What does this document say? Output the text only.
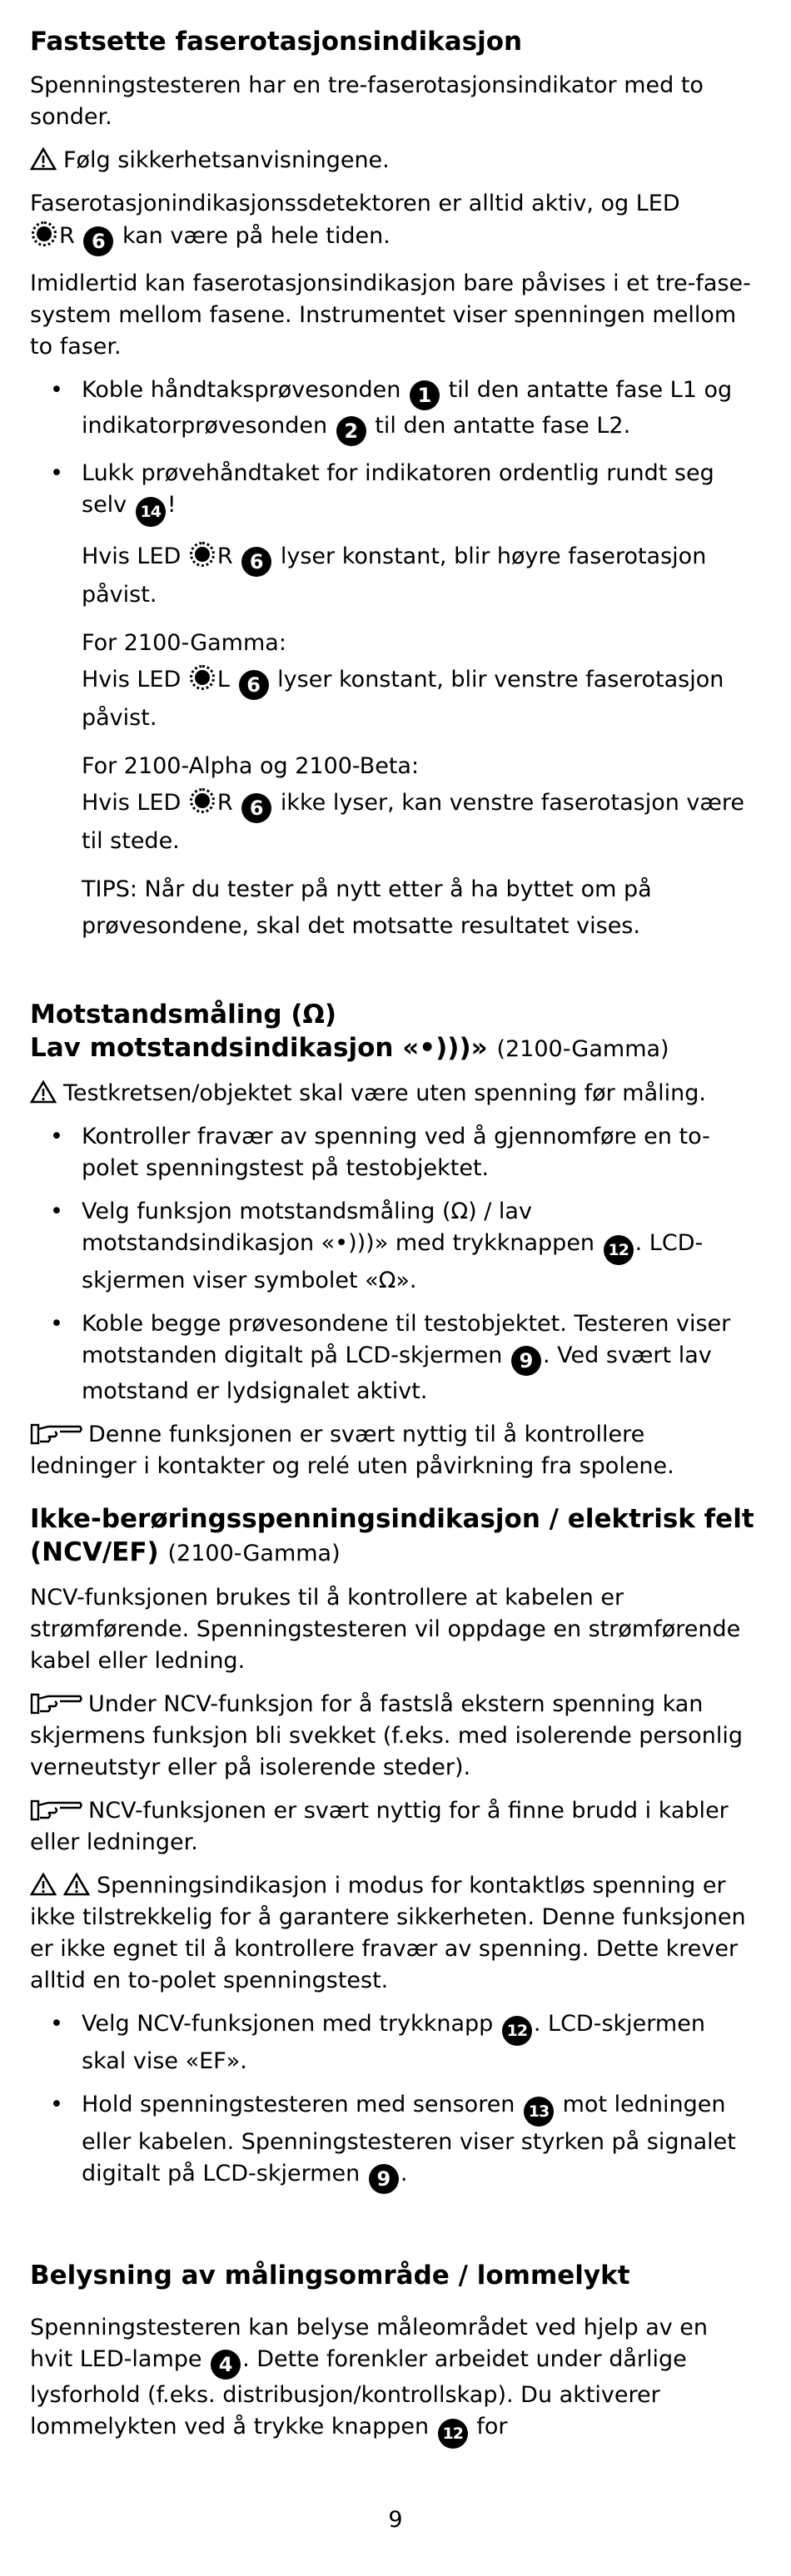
Fastsette faserotasjonsindikasjon

Spenningstesteren har en tre-faserotasjonsindikator med to sonder.

Følg sikkerhetsanvisningene.

Faserotasjonindikasjonssdetektoren er alltid aktiv, og LED
R 6 kan være på hele tiden.

Imidlertid kan faserotasjonsindikasjon bare påvises i et tre-fase-system mellom fasene. Instrumentet viser spenningen mellom to faser.

• Koble håndtaksprøvesonden 1 til den antatte fase L1 og indikatorprøvesonden 2 til den antatte fase L2.
• Lukk prøvehåndtaket for indikatoren ordentlig rundt seg selv 14 !

Hvis LED R 6 lyser konstant, blir høyre faserotasjon påvist.

For 2100-Gamma:
Hvis LED L 6 lyser konstant, blir venstre faserotasjon påvist.

For 2100-Alpha og 2100-Beta:
Hvis LED R 6 ikke lyser, kan venstre faserotasjon være til stede.

TIPS: Når du tester på nytt etter å ha byttet om på prøvesondene, skal det motsatte resultatet vises.

Motstandsmåling (Ω)
Lav motstandsindikasjon «•)))» (2100-Gamma)

Testkretsen/objektet skal være uten spenning før måling.

• Kontroller fravær av spenning ved å gjennomføre en to-polet spenningstest på testobjektet.
• Velg funksjon motstandsmåling (Ω) / lav motstandsindikasjon «•)))» med trykknappen 12 . LCD-skjermen viser symbolet «Ω».
• Koble begge prøvesondene til testobjektet. Testeren viser motstanden digitalt på LCD-skjermen 9 . Ved svært lav motstand er lydsignalet aktivt.

Denne funksjonen er svært nyttig til å kontrollere ledninger i kontakter og relé uten påvirkning fra spolene.

Ikke-berøringsspenningsindikasjon / elektrisk felt (NCV/EF) (2100-Gamma)

NCV-funksjonen brukes til å kontrollere at kabelen er strømførende. Spenningstesteren vil oppdage en strømførende kabel eller ledning.

Under NCV-funksjon for å fastslå ekstern spenning kan skjermens funksjon bli svekket (f.eks. med isolerende personlig verneutstyr eller på isolerende steder).

NCV-funksjonen er svært nyttig for å finne brudd i kabler eller ledninger.

Spenningsindikasjon i modus for kontaktløs spenning er ikke tilstrekkelig for å garantere sikkerheten. Denne funksjonen er ikke egnet til å kontrollere fravær av spenning. Dette krever alltid en to-polet spenningstest.

• Velg NCV-funksjonen med trykknapp 12 . LCD-skjermen skal vise «EF».
• Hold spenningstesteren med sensoren 13 mot ledningen eller kabelen. Spenningstesteren viser styrken på signalet digitalt på LCD-skjermen 9 .
Belysning av målingsområde / lommelykt

Spenningstesteren kan belyse måleområdet ved hjelp av en hvit LED-lampe 4 . Dette forenkler arbeidet under dårlige lysforhold (f.eks. distribusjon/kontrollskap). Du aktiverer lommelykten ved å trykke knappen 12 for

9
